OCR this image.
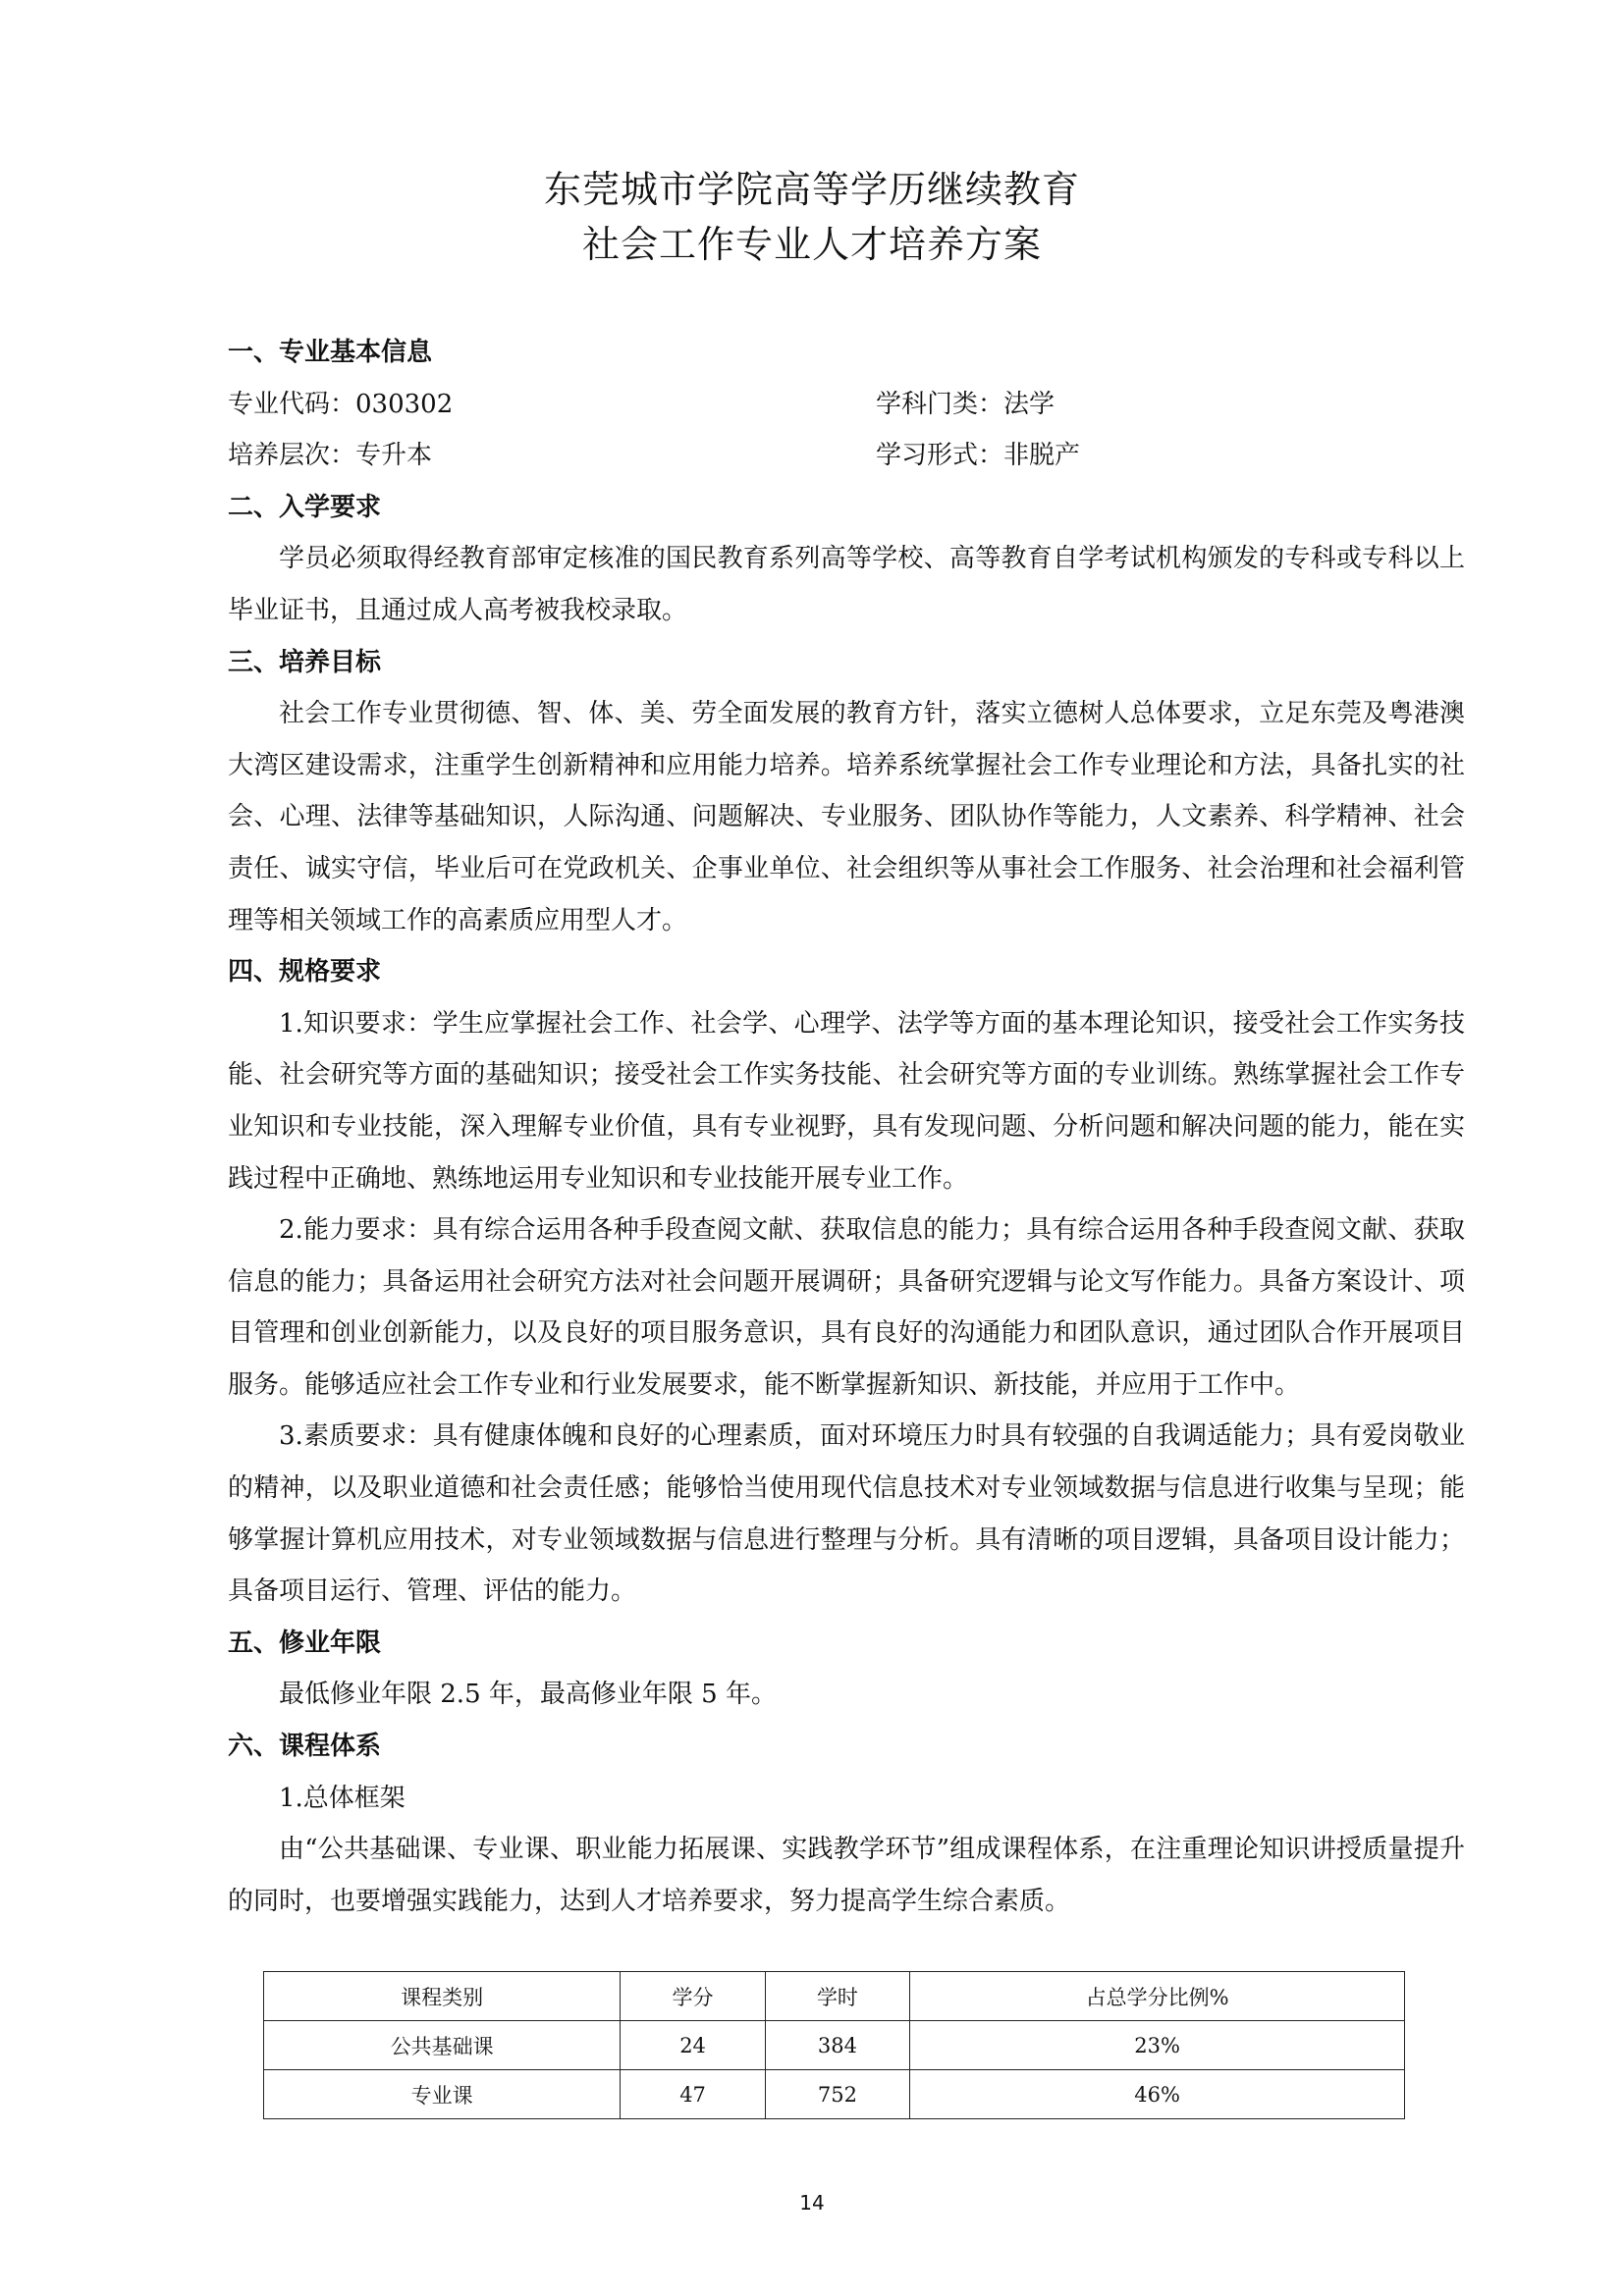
东莞城市学院高等学历继续教育
社会工作专业人才培养方案

一、专业基本信息

专业代码：030302	学科门类：法学
培养层次：专升本	学习形式：非脱产

二、入学要求

学员必须取得经教育部审定核准的国民教育系列高等学校、高等教育自学考试机构颁发的专科或专科以上毕业证书，且通过成人高考被我校录取。

三、培养目标

社会工作专业贯彻德、智、体、美、劳全面发展的教育方针，落实立德树人总体要求，立足东莞及粤港澳大湾区建设需求，注重学生创新精神和应用能力培养。培养系统掌握社会工作专业理论和方法，具备扎实的社会、心理、法律等基础知识，人际沟通、问题解决、专业服务、团队协作等能力，人文素养、科学精神、社会责任、诚实守信，毕业后可在党政机关、企事业单位、社会组织等从事社会工作服务、社会治理和社会福利管理等相关领域工作的高素质应用型人才。

四、规格要求

1.知识要求：学生应掌握社会工作、社会学、心理学、法学等方面的基本理论知识，接受社会工作实务技能、社会研究等方面的基础知识；接受社会工作实务技能、社会研究等方面的专业训练。熟练掌握社会工作专业知识和专业技能，深入理解专业价值，具有专业视野，具有发现问题、分析问题和解决问题的能力，能在实践过程中正确地、熟练地运用专业知识和专业技能开展专业工作。

2.能力要求：具有综合运用各种手段查阅文献、获取信息的能力；具有综合运用各种手段查阅文献、获取信息的能力；具备运用社会研究方法对社会问题开展调研；具备研究逻辑与论文写作能力。具备方案设计、项目管理和创业创新能力，以及良好的项目服务意识，具有良好的沟通能力和团队意识，通过团队合作开展项目服务。能够适应社会工作专业和行业发展要求，能不断掌握新知识、新技能，并应用于工作中。

3.素质要求：具有健康体魄和良好的心理素质，面对环境压力时具有较强的自我调适能力；具有爱岗敬业的精神，以及职业道德和社会责任感；能够恰当使用现代信息技术对专业领域数据与信息进行收集与呈现；能够掌握计算机应用技术，对专业领域数据与信息进行整理与分析。具有清晰的项目逻辑，具备项目设计能力；具备项目运行、管理、评估的能力。

五、修业年限

最低修业年限 2.5 年，最高修业年限 5 年。

六、课程体系

1.总体框架

由“公共基础课、专业课、职业能力拓展课、实践教学环节”组成课程体系，在注重理论知识讲授质量提升的同时，也要增强实践能力，达到人才培养要求，努力提高学生综合素质。

课程类别	学分	学时	占总学分比例%
公共基础课	24	384	23%
专业课	47	752	46%
14
